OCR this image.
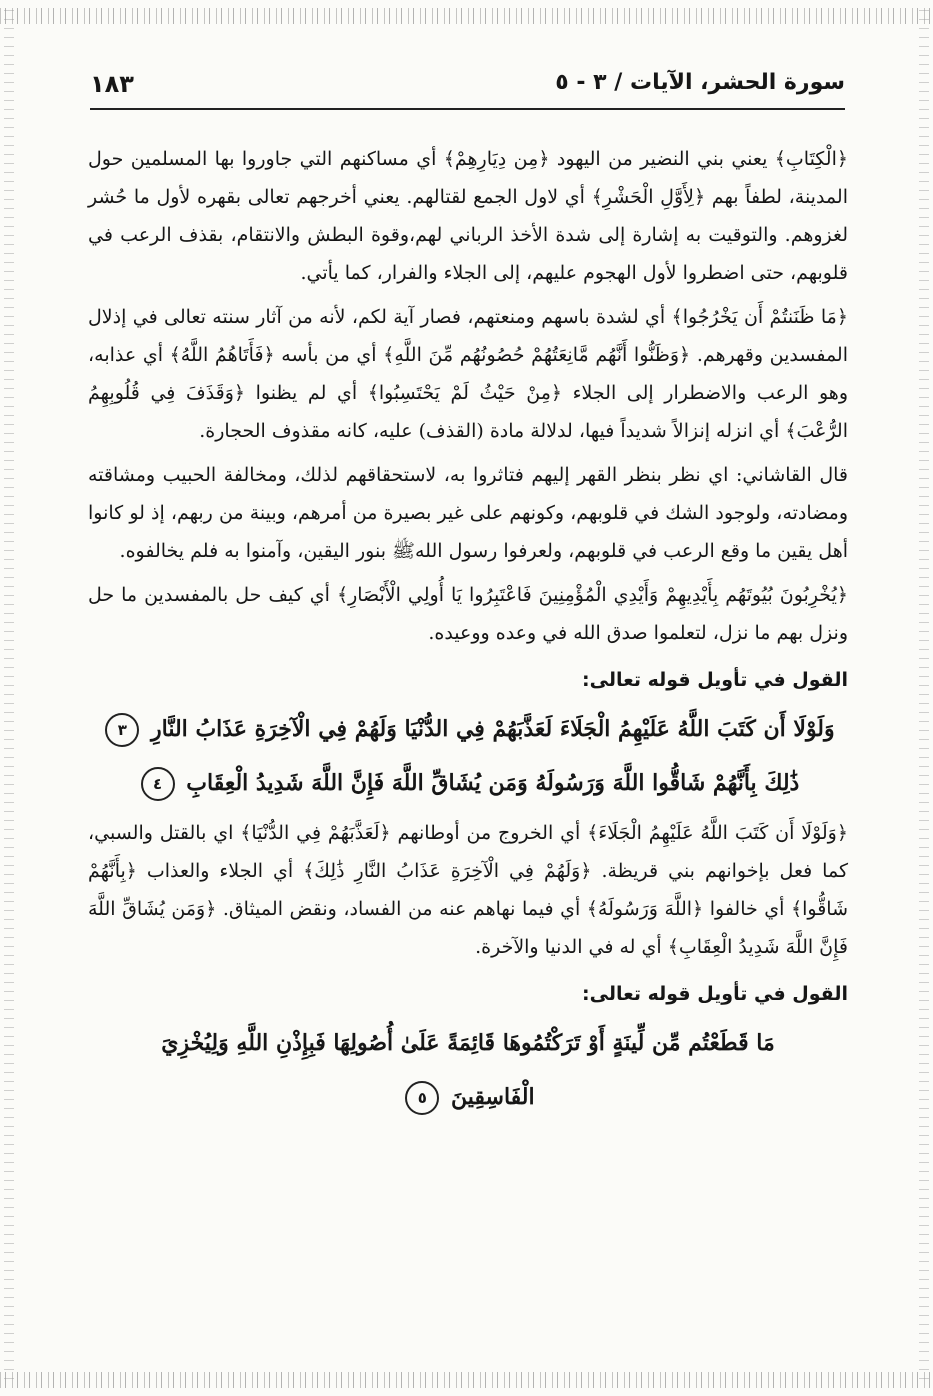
١٨٣	سورة الحشر، الآيات / ٣ - ٥

﴿الْكِتَابِ﴾ يعني بني النضير من اليهود ﴿مِن دِيَارِهِمْ﴾ أي مساكنهم التي جاوروا بها المسلمين حول المدينة، لطفاً بهم ﴿لِأَوَّلِ الْحَشْرِ﴾ أي لاول الجمع لقتالهم. يعني أخرجهم تعالى بقهره لأول ما حُشر لغزوهم. والتوقيت به إشارة إلى شدة الأخذ الرباني لهم،وقوة البطش والانتقام، بقذف الرعب في قلوبهم، حتى اضطروا لأول الهجوم عليهم، إلى الجلاء والفرار، كما يأتي.

﴿مَا ظَنَنتُمْ أَن يَخْرُجُوا﴾ أي لشدة باسهم ومنعتهم، فصار آية لكم، لأنه من آثار سنته تعالى في إذلال المفسدين وقهرهم. ﴿وَظَنُّوا أَنَّهُم مَّانِعَتُهُمْ حُصُونُهُم مِّنَ اللَّهِ﴾ أي من بأسه ﴿فَأَتَاهُمُ اللَّهُ﴾ أي عذابه، وهو الرعب والاضطرار إلى الجلاء ﴿مِنْ حَيْثُ لَمْ يَحْتَسِبُوا﴾ أي لم يظنوا ﴿وَقَذَفَ فِي قُلُوبِهِمُ الرُّعْبَ﴾ أي انزله إنزالاً شديداً فيها، لدلالة مادة (القذف) عليه، كانه مقذوف الحجارة.

قال القاشاني: اي نظر بنظر القهر إليهم فتاثروا به، لاستحقاقهم لذلك، ومخالفة الحبيب ومشاقته ومضادته، ولوجود الشك في قلوبهم، وكونهم على غير بصيرة من أمرهم، وبينة من ربهم، إذ لو كانوا أهل يقين ما وقع الرعب في قلوبهم، ولعرفوا رسول اللهﷺ بنور اليقين، وآمنوا به فلم يخالفوه.

﴿يُخْرِبُونَ بُيُوتَهُم بِأَيْدِيهِمْ وَأَيْدِي الْمُؤْمِنِينَ فَاعْتَبِرُوا يَا أُولِي الْأَبْصَارِ﴾ أي كيف حل بالمفسدين ما حل ونزل بهم ما نزل، لتعلموا صدق الله في وعده ووعيده.

القول في تأويل قوله تعالى:
وَلَوْلَا أَن كَتَبَ اللَّهُ عَلَيْهِمُ الْجَلَاءَ لَعَذَّبَهُمْ فِي الدُّنْيَا وَلَهُمْ فِي الْآخِرَةِ عَذَابُ النَّارِ ٣
ذَٰلِكَ بِأَنَّهُمْ شَاقُّوا اللَّهَ وَرَسُولَهُ وَمَن يُشَاقِّ اللَّهَ فَإِنَّ اللَّهَ شَدِيدُ الْعِقَابِ ٤

﴿وَلَوْلَا أَن كَتَبَ اللَّهُ عَلَيْهِمُ الْجَلَاءَ﴾ أي الخروج من أوطانهم ﴿لَعَذَّبَهُمْ فِي الدُّنْيَا﴾ اي بالقتل والسبي، كما فعل بإخوانهم بني قريظة. ﴿وَلَهُمْ فِي الْآخِرَةِ عَذَابُ النَّارِ ذَٰلِكَ﴾ أي الجلاء والعذاب ﴿بِأَنَّهُمْ شَاقُّوا﴾ أي خالفوا ﴿اللَّهَ وَرَسُولَهُ﴾ أي فيما نهاهم عنه من الفساد، ونقض الميثاق. ﴿وَمَن يُشَاقِّ اللَّهَ فَإِنَّ اللَّهَ شَدِيدُ الْعِقَابِ﴾ أي له في الدنيا والآخرة.

القول في تأويل قوله تعالى:
مَا قَطَعْتُم مِّن لِّينَةٍ أَوْ تَرَكْتُمُوهَا قَائِمَةً عَلَىٰ أُصُولِهَا فَبِإِذْنِ اللَّهِ وَلِيُخْزِيَ
الْفَاسِقِينَ ٥
